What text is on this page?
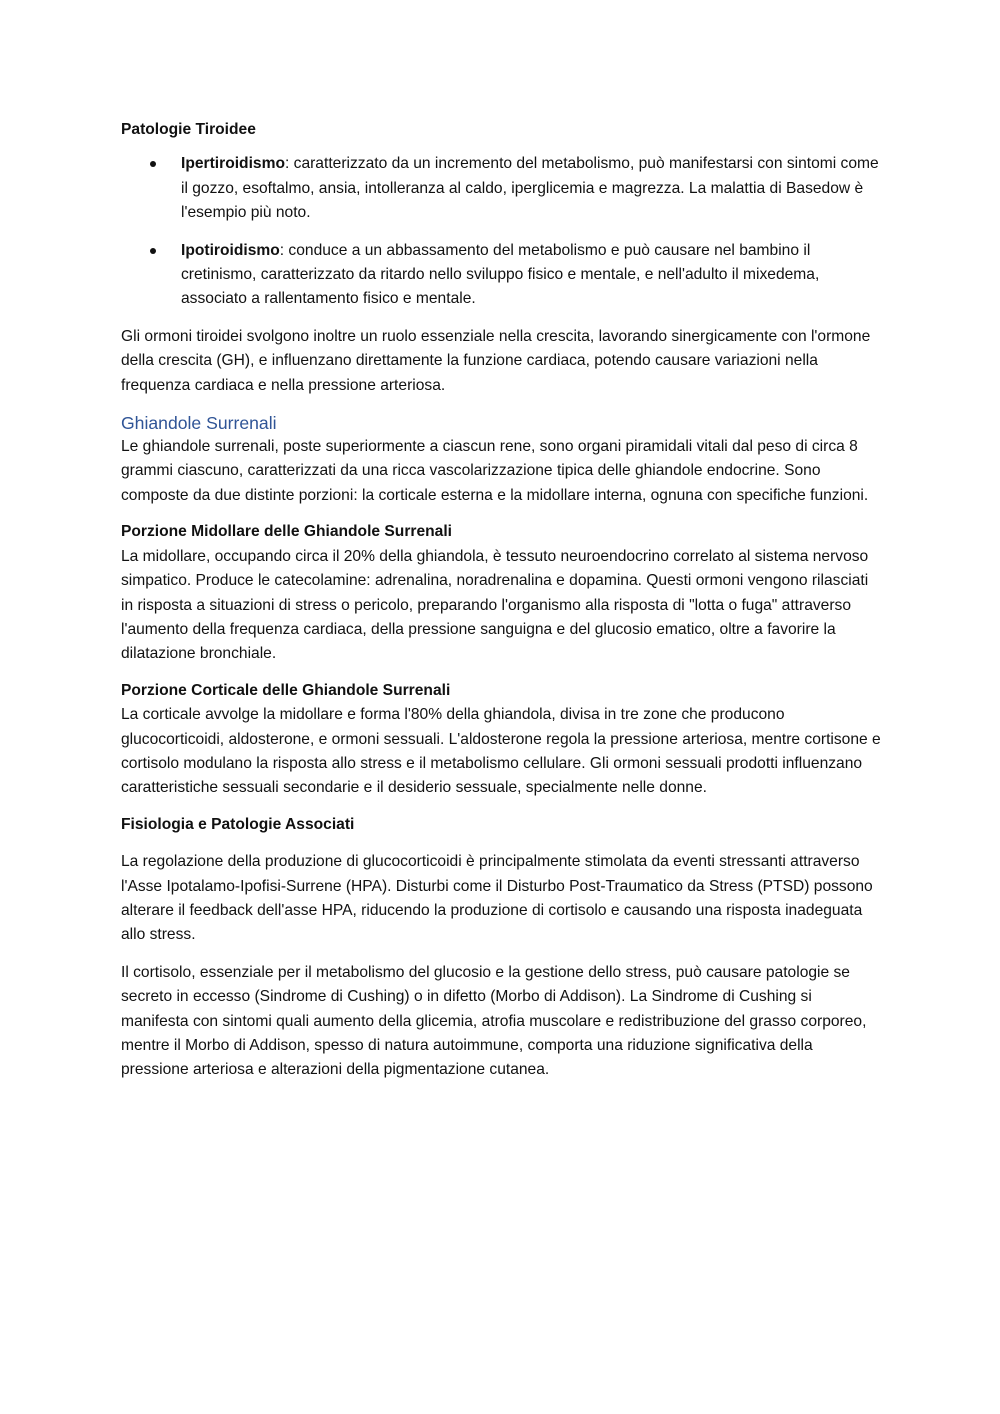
Patologie Tiroidee

Ipertiroidismo: caratterizzato da un incremento del metabolismo, può manifestarsi con sintomi come il gozzo, esoftalmo, ansia, intolleranza al caldo, iperglicemia e magrezza. La malattia di Basedow è l'esempio più noto.
Ipotiroidismo: conduce a un abbassamento del metabolismo e può causare nel bambino il cretinismo, caratterizzato da ritardo nello sviluppo fisico e mentale, e nell'adulto il mixedema, associato a rallentamento fisico e mentale.

Gli ormoni tiroidei svolgono inoltre un ruolo essenziale nella crescita, lavorando sinergicamente con l'ormone della crescita (GH), e influenzano direttamente la funzione cardiaca, potendo causare variazioni nella frequenza cardiaca e nella pressione arteriosa.

Ghiandole Surrenali

Le ghiandole surrenali, poste superiormente a ciascun rene, sono organi piramidali vitali dal peso di circa 8 grammi ciascuno, caratterizzati da una ricca vascolarizzazione tipica delle ghiandole endocrine. Sono composte da due distinte porzioni: la corticale esterna e la midollare interna, ognuna con specifiche funzioni.

Porzione Midollare delle Ghiandole Surrenali

La midollare, occupando circa il 20% della ghiandola, è tessuto neuroendocrino correlato al sistema nervoso simpatico. Produce le catecolamine: adrenalina, noradrenalina e dopamina. Questi ormoni vengono rilasciati in risposta a situazioni di stress o pericolo, preparando l'organismo alla risposta di "lotta o fuga" attraverso l'aumento della frequenza cardiaca, della pressione sanguigna e del glucosio ematico, oltre a favorire la dilatazione bronchiale.

Porzione Corticale delle Ghiandole Surrenali

La corticale avvolge la midollare e forma l'80% della ghiandola, divisa in tre zone che producono glucocorticoidi, aldosterone, e ormoni sessuali. L'aldosterone regola la pressione arteriosa, mentre cortisone e cortisolo modulano la risposta allo stress e il metabolismo cellulare. Gli ormoni sessuali prodotti influenzano caratteristiche sessuali secondarie e il desiderio sessuale, specialmente nelle donne.

Fisiologia e Patologie Associati

La regolazione della produzione di glucocorticoidi è principalmente stimolata da eventi stressanti attraverso l'Asse Ipotalamo-Ipofisi-Surrene (HPA). Disturbi come il Disturbo Post-Traumatico da Stress (PTSD) possono alterare il feedback dell'asse HPA, riducendo la produzione di cortisolo e causando una risposta inadeguata allo stress.

Il cortisolo, essenziale per il metabolismo del glucosio e la gestione dello stress, può causare patologie se secreto in eccesso (Sindrome di Cushing) o in difetto (Morbo di Addison). La Sindrome di Cushing si manifesta con sintomi quali aumento della glicemia, atrofia muscolare e redistribuzione del grasso corporeo, mentre il Morbo di Addison, spesso di natura autoimmune, comporta una riduzione significativa della pressione arteriosa e alterazioni della pigmentazione cutanea.
